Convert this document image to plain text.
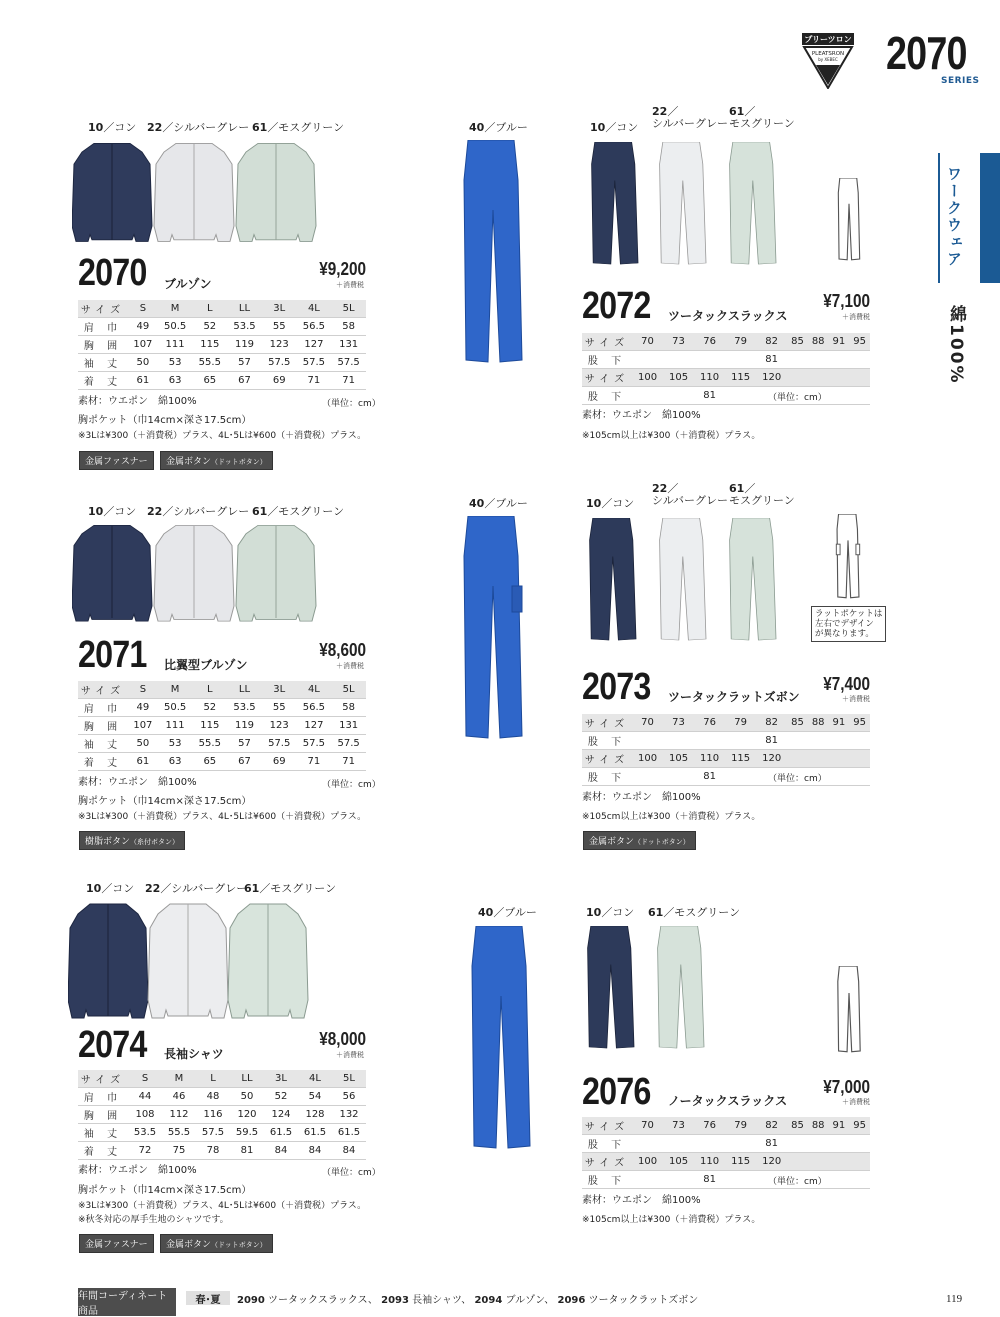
プリーツロン
PLEATSRON
by XEBEC 2070
SERIES
ワークウェア
綿100%
10／コン 22／シルバーグレー 61／モスグリーン
2070 ブルゾン
¥9,200
＋消費税
サイズ	S	M	L	LL	3L	4L	5L
肩 巾	49	50.5	52	53.5	55	56.5	58
胸 囲	107	111	115	119	123	127	131
袖 丈	50	53	55.5	57	57.5	57.5	57.5
着 丈	61	63	65	67	69	71	71
素材：ウエポン　綿100%	（単位：cm）
胸ポケット（巾14cm×深さ17.5cm）
※3Lは¥300（＋消費税）プラス、4L･5Lは¥600（＋消費税）プラス。
金属ファスナー	金属ボタン（ドットボタン）
10／コン 22／シルバーグレー 61／モスグリーン
2071 比翼型ブルゾン
¥8,600
＋消費税
サイズ	S	M	L	LL	3L	4L	5L
肩 巾	49	50.5	52	53.5	55	56.5	58
胸 囲	107	111	115	119	123	127	131
袖 丈	50	53	55.5	57	57.5	57.5	57.5
着 丈	61	63	65	67	69	71	71
素材：ウエポン　綿100%	（単位：cm）
胸ポケット（巾14cm×深さ17.5cm）
※3Lは¥300（＋消費税）プラス、4L･5Lは¥600（＋消費税）プラス。
樹脂ボタン（糸付ボタン）
10／コン 22／シルバーグレー
61／モスグリーン
2074 長袖シャツ
¥8,000
＋消費税
サイズ	S	M	L	LL	3L	4L	5L
肩 巾	44	46	48	50	52	54	56
胸 囲	108	112	116	120	124	128	132
袖 丈	53.5	55.5	57.5	59.5	61.5	61.5	61.5
着 丈	72	75	78	81	84	84	84
素材：ウエポン　綿100%	（単位：cm）
胸ポケット（巾14cm×深さ17.5cm）
※3Lは¥300（＋消費税）プラス、4L･5Lは¥600（＋消費税）プラス。
※秋冬対応の厚手生地のシャツです。
金属ファスナー	金属ボタン（ドットボタン）
40／ブルー	10／コン
22／
シルバーグレー
61／
モスグリーン
2072 ツータックスラックス
¥7,100
＋消費税
サイズ	70	73	76	79	82	85	88	91	95
股 下					81				
サイズ	100	105	110	115	120				
股 下			81							（単位：cm）
素材：ウエポン　綿100%
※105cm以上は¥300（＋消費税）プラス。
40／ブルー	10／コン
22／
シルバーグレー
61／
モスグリーン
ラットポケットは
左右でデザイン
が異なります。
2073 ツータックラットズボン
¥7,400
＋消費税
サイズ	70	73	76	79	82	85	88	91	95
股 下					81				
サイズ	100	105	110	115	120				
股 下			81							（単位：cm）
素材：ウエポン　綿100%
※105cm以上は¥300（＋消費税）プラス。
金属ボタン（ドットボタン）
40／ブルー	10／コン 61／モスグリーン
2076 ノータックスラックス
¥7,000
＋消費税
サイズ	70	73	76	79	82	85	88	91	95
股 下					81				
サイズ	100	105	110	115	120				
股 下			81							（単位：cm）
素材：ウエポン　綿100%
※105cm以上は¥300（＋消費税）プラス。
年間コーディネート商品
春･夏	2090 ツータックスラックス、 2093 長袖シャツ、 2094 ブルゾン、 2096 ツータックラットズボン	119
